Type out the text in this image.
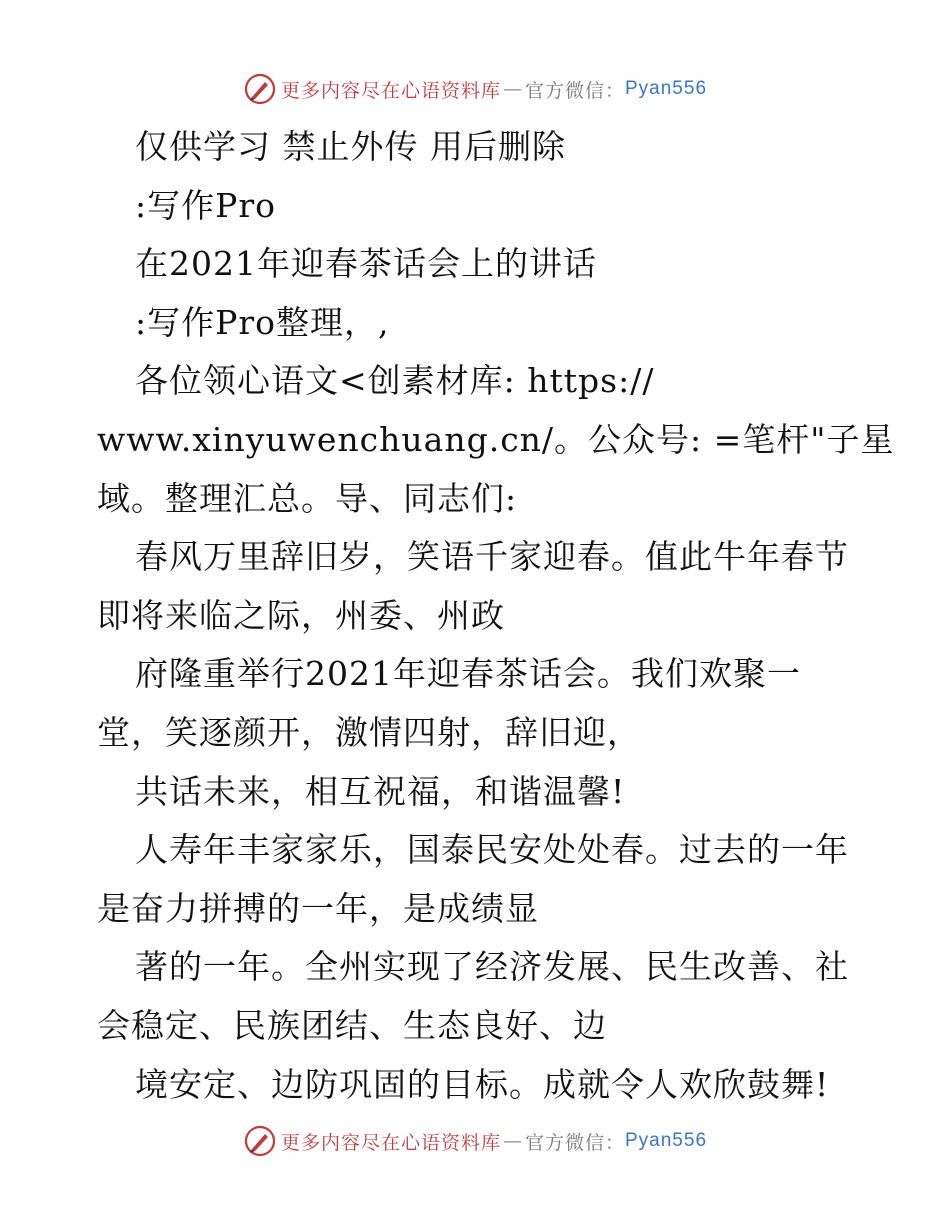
更多内容尽在心语资料库 — 官方微信： Pyan556
仅供学习 禁止外传 用后删除
:写作Pro
在2021年迎春茶话会上的讲话
:写作Pro整理，,
各位领心语文<创素材库: https://
www.xinyuwenchuang.cn/。公众号: =笔杆"子星
域。整理汇总。导、同志们:
春风万里辞旧岁，笑语千家迎春。值此牛年春节
即将来临之际，州委、州政
府隆重举行2021年迎春茶话会。我们欢聚一
堂，笑逐颜开，激情四射，辞旧迎，
共话未来，相互祝福，和谐温馨!
人寿年丰家家乐，国泰民安处处春。过去的一年
是奋力拼搏的一年，是成绩显
著的一年。全州实现了经济发展、民生改善、社
会稳定、民族团结、生态良好、边
境安定、边防巩固的目标。成就令人欢欣鼓舞!
更多内容尽在心语资料库 — 官方微信： Pyan556
